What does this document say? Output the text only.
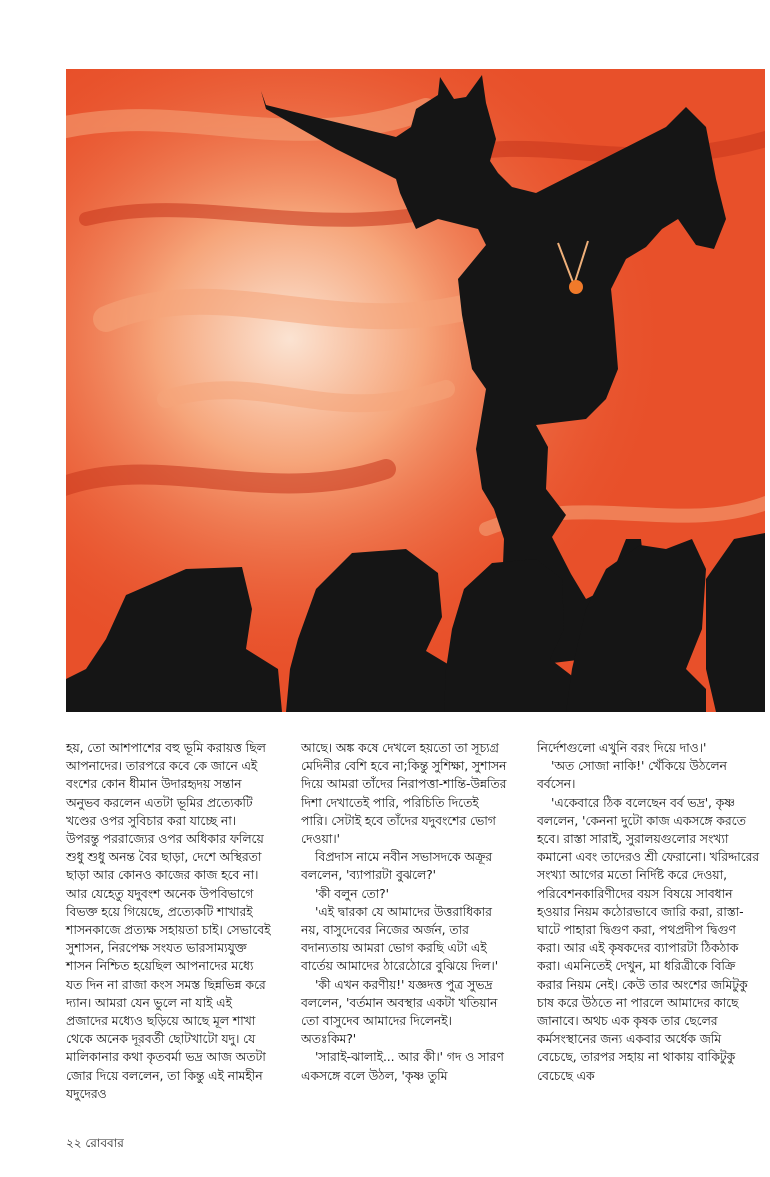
হয়, তো আশপাশের বহু ভূমি করায়ত্ত ছিল আপনাদের। তারপরে কবে কে জানে এই বংশের কোন ধীমান উদারহৃদয় সন্তান অনুভব করলেন এতটা ভূমির প্রত্যেকটি খণ্ডের ওপর সুবিচার করা যাচ্ছে না। উপরন্তু পররাজ্যের ওপর অধিকার ফলিয়ে শুধু শুধু অনন্ত বৈর ছাড়া, দেশে অস্থিরতা ছাড়া আর কোনও কাজের কাজ হবে না। আর যেহেতু যদুবংশ অনেক উপবিভাগে বিভক্ত হয়ে গিয়েছে, প্রত্যেকটি শাখারই শাসনকাজে প্রত্যক্ষ সহায়তা চাই। সেভাবেই সুশাসন, নিরপেক্ষ সংযত ভারসাম্যযুক্ত শাসন নিশ্চিত হয়েছিল আপনাদের মধ্যে যত দিন না রাজা কংস সমস্ত ছিন্নভিন্ন করে দ্যান। আমরা যেন ভুলে না যাই এই প্রজাদের মধ্যেও ছড়িয়ে আছে মূল শাখা থেকে অনেক দূরবর্তী ছোটখাটো যদু। যে মালিকানার কথা কৃতবর্মা ভদ্র আজ অতটা জোর দিয়ে বললেন, তা কিন্তু এই নামহীন যদুদেরও

আছে। অঙ্ক কষে দেখলে হয়তো তা সূচ্যগ্র মেদিনীর বেশি হবে না;কিন্তু সুশিক্ষা, সুশাসন দিয়ে আমরা তাঁদের নিরাপত্তা-শান্তি-উন্নতির দিশা দেখাতেই পারি, পরিচিতি দিতেই পারি। সেটাই হবে তাঁদের যদুবংশের ভোগ দেওয়া।'

বিপ্রদাস নামে নবীন সভাসদকে অক্রূর বললেন, 'ব্যাপারটা বুঝলে?'

'কী বলুন তো?'

'এই দ্বারকা যে আমাদের উত্তরাধিকার নয়, বাসুদেবের নিজের অর্জন, তার বদান্যতায় আমরা ভোগ করছি এটা এই বার্তেয় আমাদের ঠারেঠোরে বুঝিয়ে দিল।'

'কী এখন করণীয়!' যজ্ঞদত্ত পুত্র সুভদ্র বললেন, 'বর্তমান অবস্থার একটা খতিয়ান তো বাসুদেব আমাদের দিলেনই। অতঃকিম?'

'সারাই-ঝালাই... আর কী।' গদ ও সারণ একসঙ্গে বলে উঠল, 'কৃষ্ণ তুমি

নির্দেশগুলো এখুনি বরং দিয়ে দাও।'

'অত সোজা নাকি!' খেঁকিয়ে উঠলেন বর্বসেন।

'একেবারে ঠিক বলেছেন বর্ব ভদ্র', কৃষ্ণ বললেন, 'কেননা দুটো কাজ একসঙ্গে করতে হবে। রাস্তা সারাই, সুরালয়গুলোর সংখ্যা কমানো এবং তাদেরও শ্রী ফেরানো। খরিদ্দারের সংখ্যা আগের মতো নির্দিষ্ট করে দেওয়া, পরিবেশনকারিণীদের বয়স বিষয়ে সাবধান হওয়ার নিয়ম কঠোরভাবে জারি করা, রাস্তা-ঘাটে পাহারা দ্বিগুণ করা, পথপ্রদীপ দ্বিগুণ করা। আর এই কৃষকদের ব্যাপারটা ঠিকঠাক করা। এমনিতেই দেখুন, মা ধরিত্রীকে বিক্রি করার নিয়ম নেই। কেউ তার অংশের জমিটুকু চাষ করে উঠতে না পারলে আমাদের কাছে জানাবে। অথচ এক কৃষক তার ছেলের কর্মসংস্থানের জন্য একবার অর্ধেক জমি বেচেছে, তারপর সহায় না থাকায় বাকিটুকু বেচেছে এক

২২ রোববার
